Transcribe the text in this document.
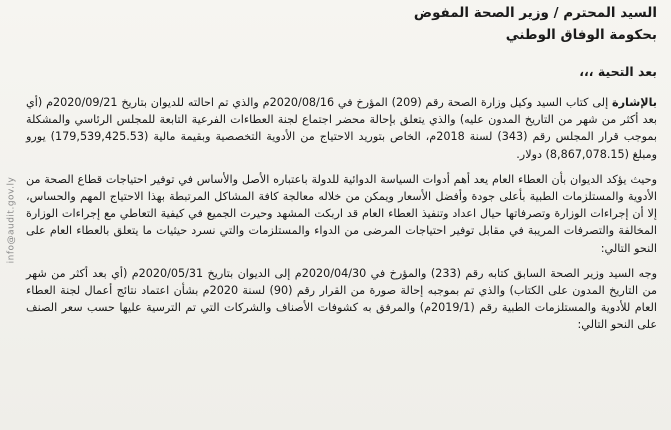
info@audit.gov.ly
السيد المحترم / وزير الصحة المفوض
بحكومة الوفاق الوطني
بعد التحية ،،،

بالإشارة إلى كتاب السيد وكيل وزارة الصحة رقم (209) المؤرخ في 2020/08/16م والذي تم احالته للديوان بتاريخ 2020/09/21م (أي بعد أكثر من شهر من التاريخ المدون عليه) والذي يتعلق بإحالة محضر اجتماع لجنة العطاءات الفرعية التابعة للمجلس الرئاسي والمشكلة بموجب قرار المجلس رقم (343) لسنة 2018م، الخاص بتوريد الاحتياج من الأدوية التخصصية وبقيمة مالية (179,539,425.53) يورو ومبلغ (8,867,078.15) دولار.

وحيث يؤكد الديوان بأن العطاء العام يعد أهم أدوات السياسة الدوائية للدولة باعتباره الأصل والأساس في توفير احتياجات قطاع الصحة من الأدوية والمستلزمات الطبية بأعلى جودة وأفضل الأسعار ويمكن من خلاله معالجة كافة المشاكل المرتبطة بهذا الاحتياج المهم والحساس، إلا أن إجراءات الوزارة وتصرفاتها حيال اعداد وتنفيذ العطاء العام قد اربكت المشهد وحيرت الجميع في كيفية التعاطي مع إجراءات الوزارة المخالفة والتصرفات المريبة في مقابل توفير احتياجات المرضى من الدواء والمستلزمات والتي نسرد حيثيات ما يتعلق بالعطاء العام على النحو التالي:

وجه السيد وزير الصحة السابق كتابه رقم (233) والمؤرخ في 2020/04/30م إلى الديوان بتاريخ 2020/05/31م (أي بعد أكثر من شهر من التاريخ المدون على الكتاب) والذي تم بموجبه إحالة صورة من القرار رقم (90) لسنة 2020م بشأن اعتماد نتائج أعمال لجنة العطاء العام للأدوية والمستلزمات الطبية رقم (2019/1م) والمرفق به كشوفات الأصناف والشركات التي تم الترسية عليها حسب سعر الصنف على النحو التالي:
